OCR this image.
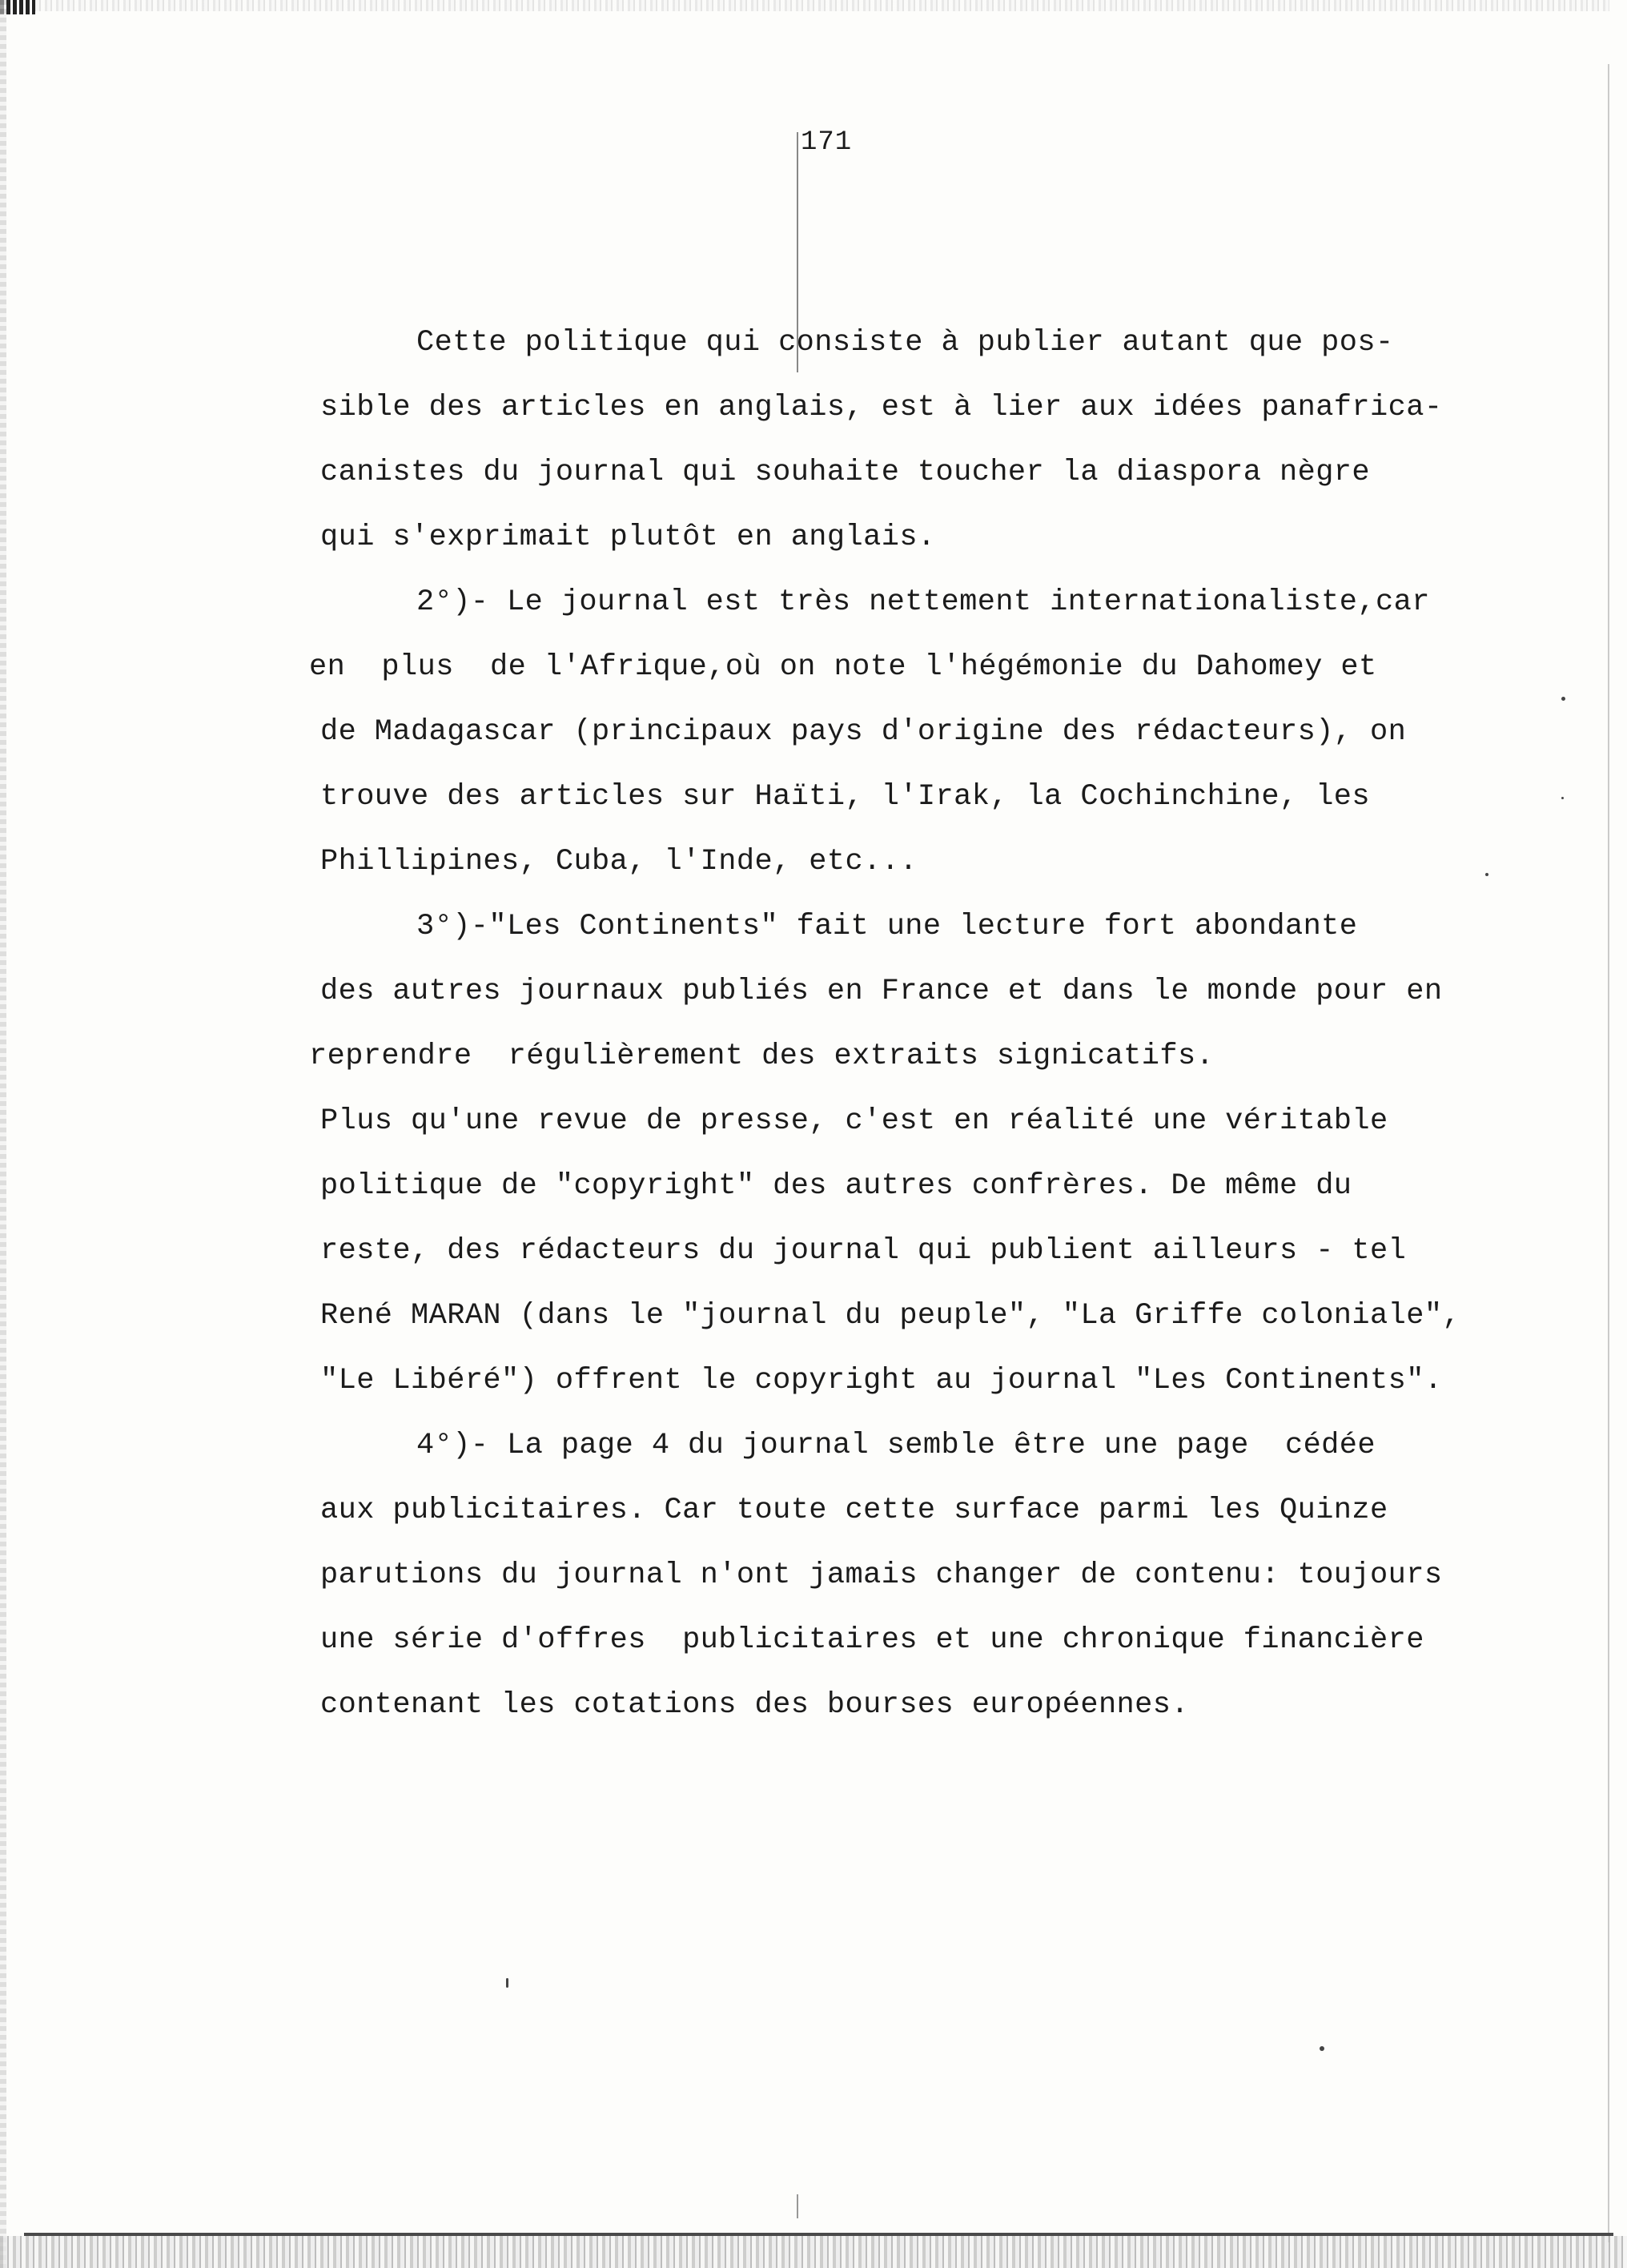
171
Cette politique qui consiste à publier autant que pos-
sible des articles en anglais, est à lier aux idées panafrica-
canistes du journal qui souhaite toucher la diaspora nègre
qui s'exprimait plutôt en anglais.
2°)- Le journal est très nettement internationaliste,car
en  plus  de l'Afrique,où on note l'hégémonie du Dahomey et
de Madagascar (principaux pays d'origine des rédacteurs), on
trouve des articles sur Haïti, l'Irak, la Cochinchine, les
Phillipines, Cuba, l'Inde, etc...
3°)-"Les Continents" fait une lecture fort abondante
des autres journaux publiés en France et dans le monde pour en
reprendre  régulièrement des extraits signicatifs.
Plus qu'une revue de presse, c'est en réalité une véritable
politique de "copyright" des autres confrères. De même du
reste, des rédacteurs du journal qui publient ailleurs - tel
René MARAN (dans le "journal du peuple", "La Griffe coloniale",
"Le Libéré") offrent le copyright au journal "Les Continents".
4°)- La page 4 du journal semble être une page  cédée
aux publicitaires. Car toute cette surface parmi les Quinze
parutions du journal n'ont jamais changer de contenu: toujours
une série d'offres  publicitaires et une chronique financière
contenant les cotations des bourses européennes.
